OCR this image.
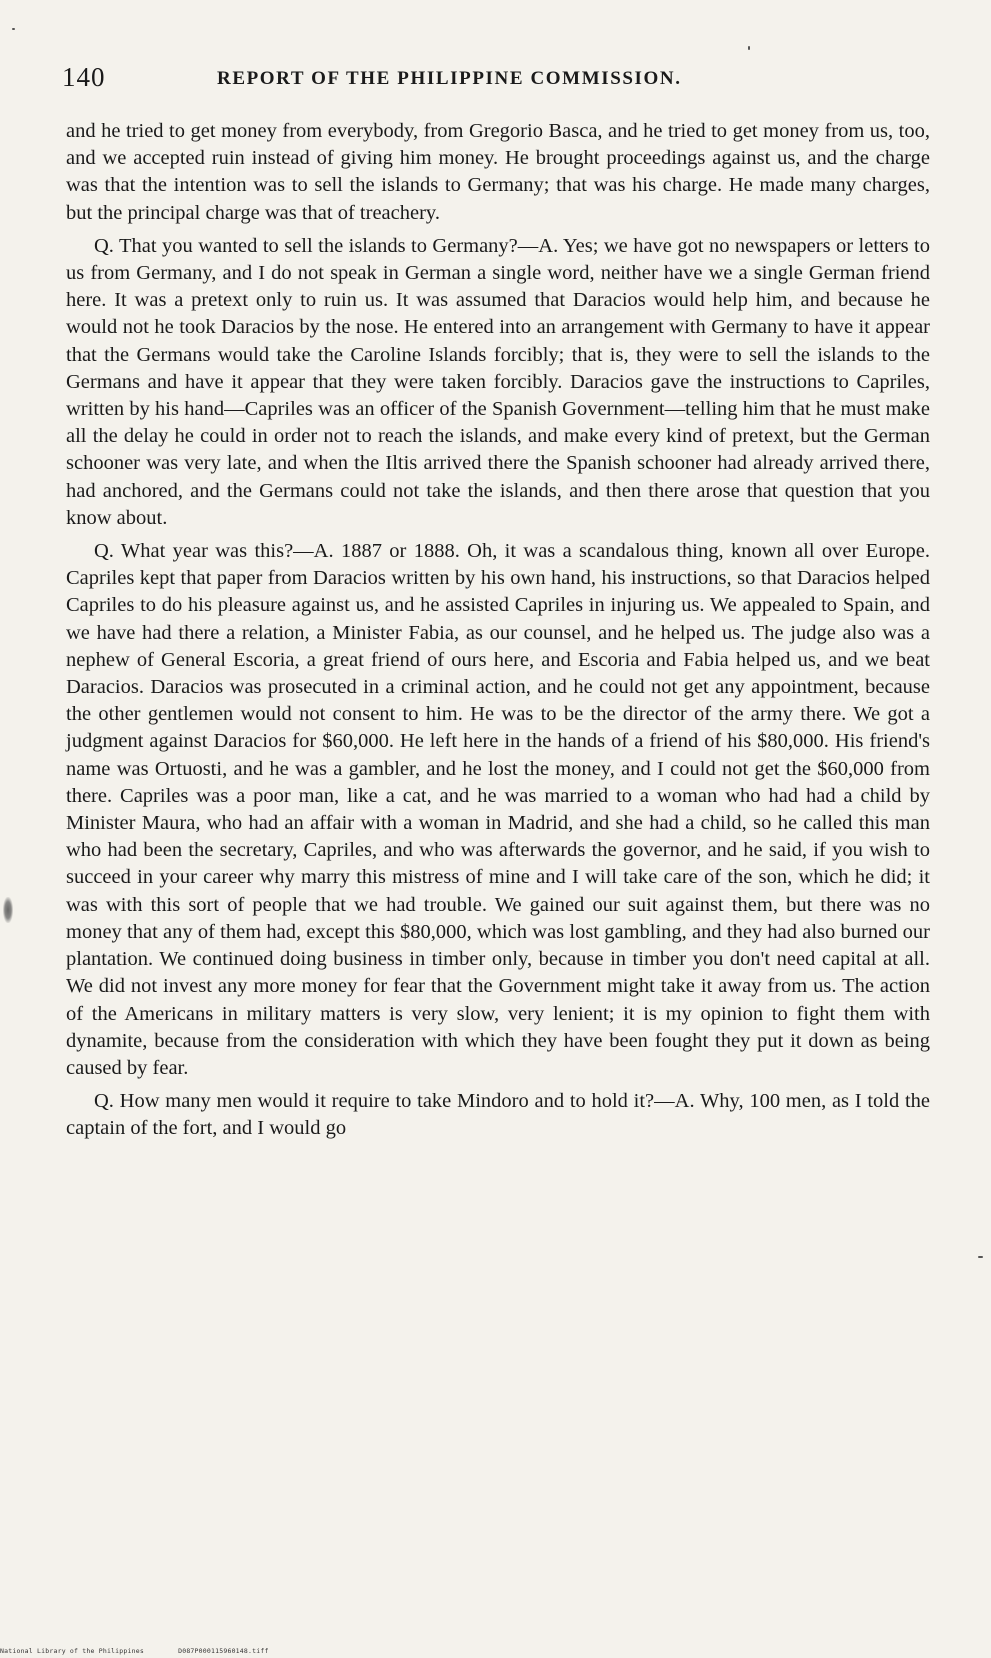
140	REPORT OF THE PHILIPPINE COMMISSION.

and he tried to get money from everybody, from Gregorio Basca, and he tried to get money from us, too, and we accepted ruin instead of giving him money. He brought proceedings against us, and the charge was that the intention was to sell the islands to Germany; that was his charge. He made many charges, but the principal charge was that of treachery.

Q. That you wanted to sell the islands to Germany?—A. Yes; we have got no newspapers or letters to us from Germany, and I do not speak in German a single word, neither have we a single German friend here. It was a pretext only to ruin us. It was assumed that Daracios would help him, and because he would not he took Daracios by the nose. He entered into an arrangement with Germany to have it appear that the Germans would take the Caroline Islands forcibly; that is, they were to sell the islands to the Germans and have it appear that they were taken forcibly. Daracios gave the instructions to Capriles, written by his hand—Capriles was an officer of the Spanish Government—telling him that he must make all the delay he could in order not to reach the islands, and make every kind of pretext, but the German schooner was very late, and when the Iltis arrived there the Spanish schooner had already arrived there, had anchored, and the Germans could not take the islands, and then there arose that question that you know about.

Q. What year was this?—A. 1887 or 1888. Oh, it was a scandalous thing, known all over Europe. Capriles kept that paper from Daracios written by his own hand, his instructions, so that Daracios helped Capriles to do his pleasure against us, and he assisted Capriles in injuring us. We appealed to Spain, and we have had there a relation, a Minister Fabia, as our counsel, and he helped us. The judge also was a nephew of General Escoria, a great friend of ours here, and Escoria and Fabia helped us, and we beat Daracios. Daracios was prosecuted in a criminal action, and he could not get any appointment, because the other gentlemen would not consent to him. He was to be the director of the army there. We got a judgment against Daracios for $60,000. He left here in the hands of a friend of his $80,000. His friend's name was Ortuosti, and he was a gambler, and he lost the money, and I could not get the $60,000 from there. Capriles was a poor man, like a cat, and he was married to a woman who had had a child by Minister Maura, who had an affair with a woman in Madrid, and she had a child, so he called this man who had been the secretary, Capriles, and who was afterwards the governor, and he said, if you wish to succeed in your career why marry this mistress of mine and I will take care of the son, which he did; it was with this sort of people that we had trouble. We gained our suit against them, but there was no money that any of them had, except this $80,000, which was lost gambling, and they had also burned our plantation. We continued doing business in timber only, because in timber you don't need capital at all. We did not invest any more money for fear that the Government might take it away from us. The action of the Americans in military matters is very slow, very lenient; it is my opinion to fight them with dynamite, because from the consideration with which they have been fought they put it down as being caused by fear.

Q. How many men would it require to take Mindoro and to hold it?—A. Why, 100 men, as I told the captain of the fort, and I would go

National Library of the Philippines	D087P000115960148.tiff
